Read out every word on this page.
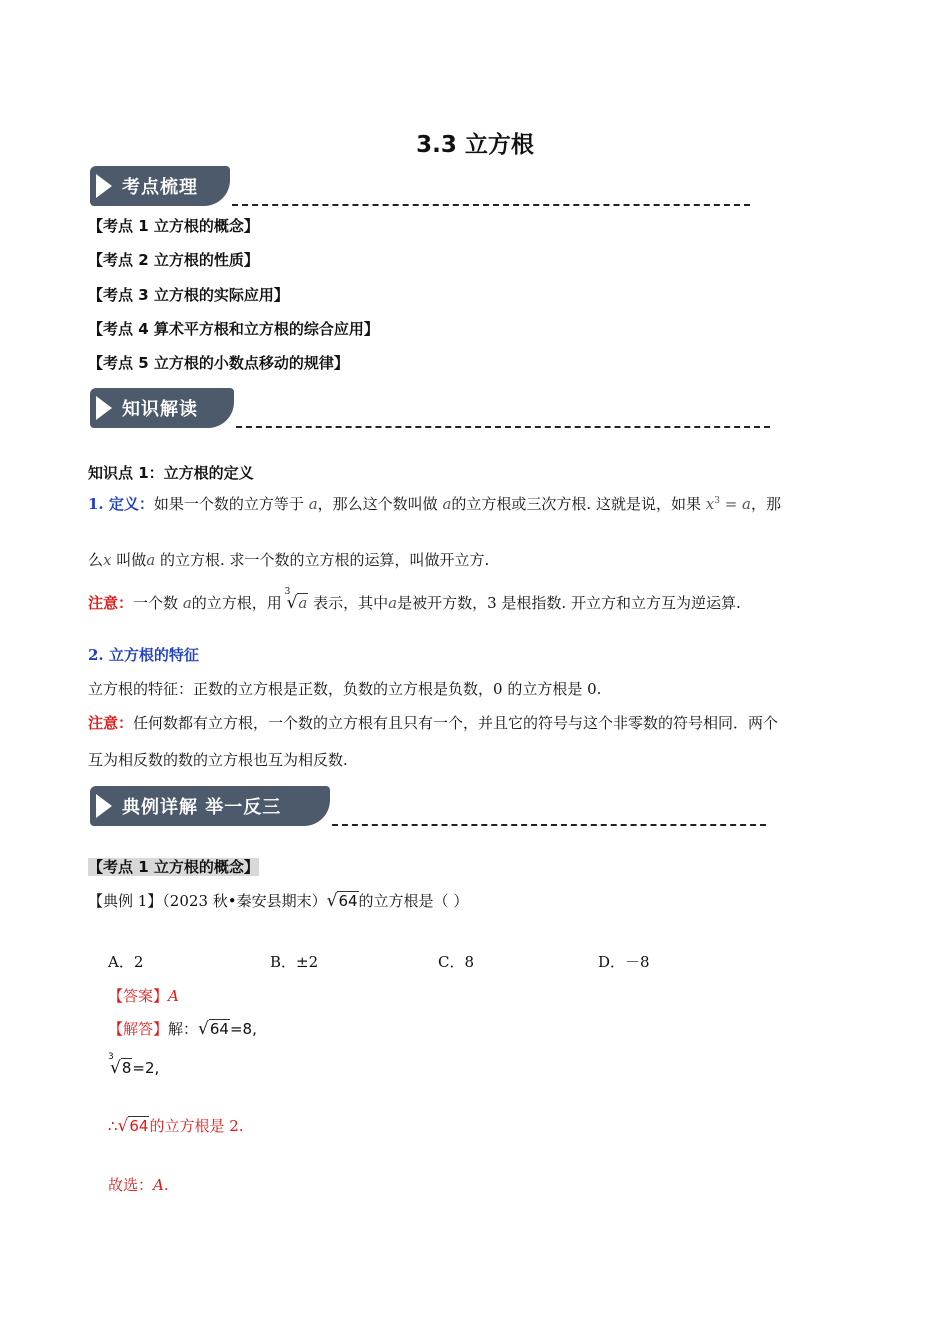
3.3 立方根
考点梳理
【考点 1 立方根的概念】
【考点 2 立方根的性质】
【考点 3 立方根的实际应用】
【考点 4 算术平方根和立方根的综合应用】
【考点 5 立方根的小数点移动的规律】
知识解读
知识点 1：立方根的定义
1. 定义：如果一个数的立方等于 a，那么这个数叫做 a的立方根或三次方根. 这就是说，如果 $x^3 = a$，那
么x 叫做a 的立方根. 求一个数的立方根的运算，叫做开立方.
注意：一个数 a的立方根，用
3
√a 表示，其中a是被开方数，3 是根指数. 开立方和立方互为逆运算.
2. 立方根的特征
立方根的特征：正数的立方根是正数，负数的立方根是负数，0 的立方根是 0.
注意：任何数都有立方根，一个数的立方根有且只有一个，并且它的符号与这个非零数的符号相同．两个
互为相反数的数的立方根也互为相反数.
典例详解 举一反三
【考点 1 立方根的概念】
【典例 1】（2023 秋•秦安县期末）√64的立方根是（ ）
A．2	B．±2	C．8	D．－8
【答案】A
【解答】解：√64=8,
3
√8=2,
∴√64的立方根是 2.
故选：A.
